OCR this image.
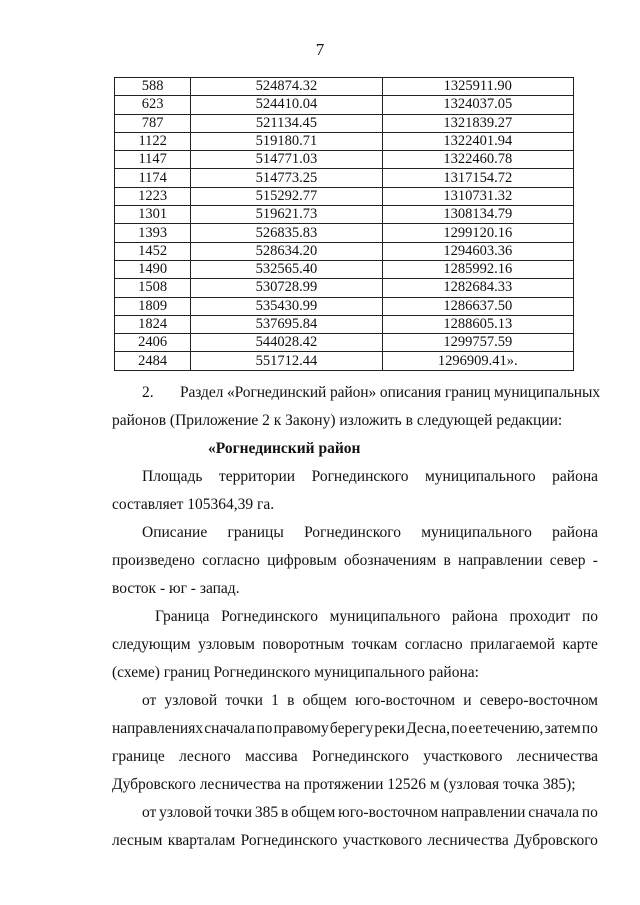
7
588	524874.32	1325911.90
623	524410.04	1324037.05
787	521134.45	1321839.27
1122	519180.71	1322401.94
1147	514771.03	1322460.78
1174	514773.25	1317154.72
1223	515292.77	1310731.32
1301	519621.73	1308134.79
1393	526835.83	1299120.16
1452	528634.20	1294603.36
1490	532565.40	1285992.16
1508	530728.99	1282684.33
1809	535430.99	1286637.50
1824	537695.84	1288605.13
2406	544028.42	1299757.59
2484	551712.44	1296909.41».
2. Раздел «Рогнединский район» описания границ муниципальных
районов (Приложение 2 к Закону) изложить в следующей редакции:
«Рогнединский район
Площадь территории Рогнединского муниципального района
составляет 105364,39 га.
Описание границы Рогнединского муниципального района
произведено согласно цифровым обозначениям в направлении север -
восток - юг - запад.
Граница Рогнединского муниципального района проходит по
следующим узловым поворотным точкам согласно прилагаемой карте
(схеме) границ Рогнединского муниципального района:
от узловой точки 1 в общем юго-восточном и северо-восточном
направлениях сначала по правому берегу реки Десна, по ее течению, затем по
границе лесного массива Рогнединского участкового лесничества
Дубровского лесничества на протяжении 12526 м (узловая точка 385);
от узловой точки 385 в общем юго-восточном направлении сначала по
лесным кварталам Рогнединского участкового лесничества Дубровского
